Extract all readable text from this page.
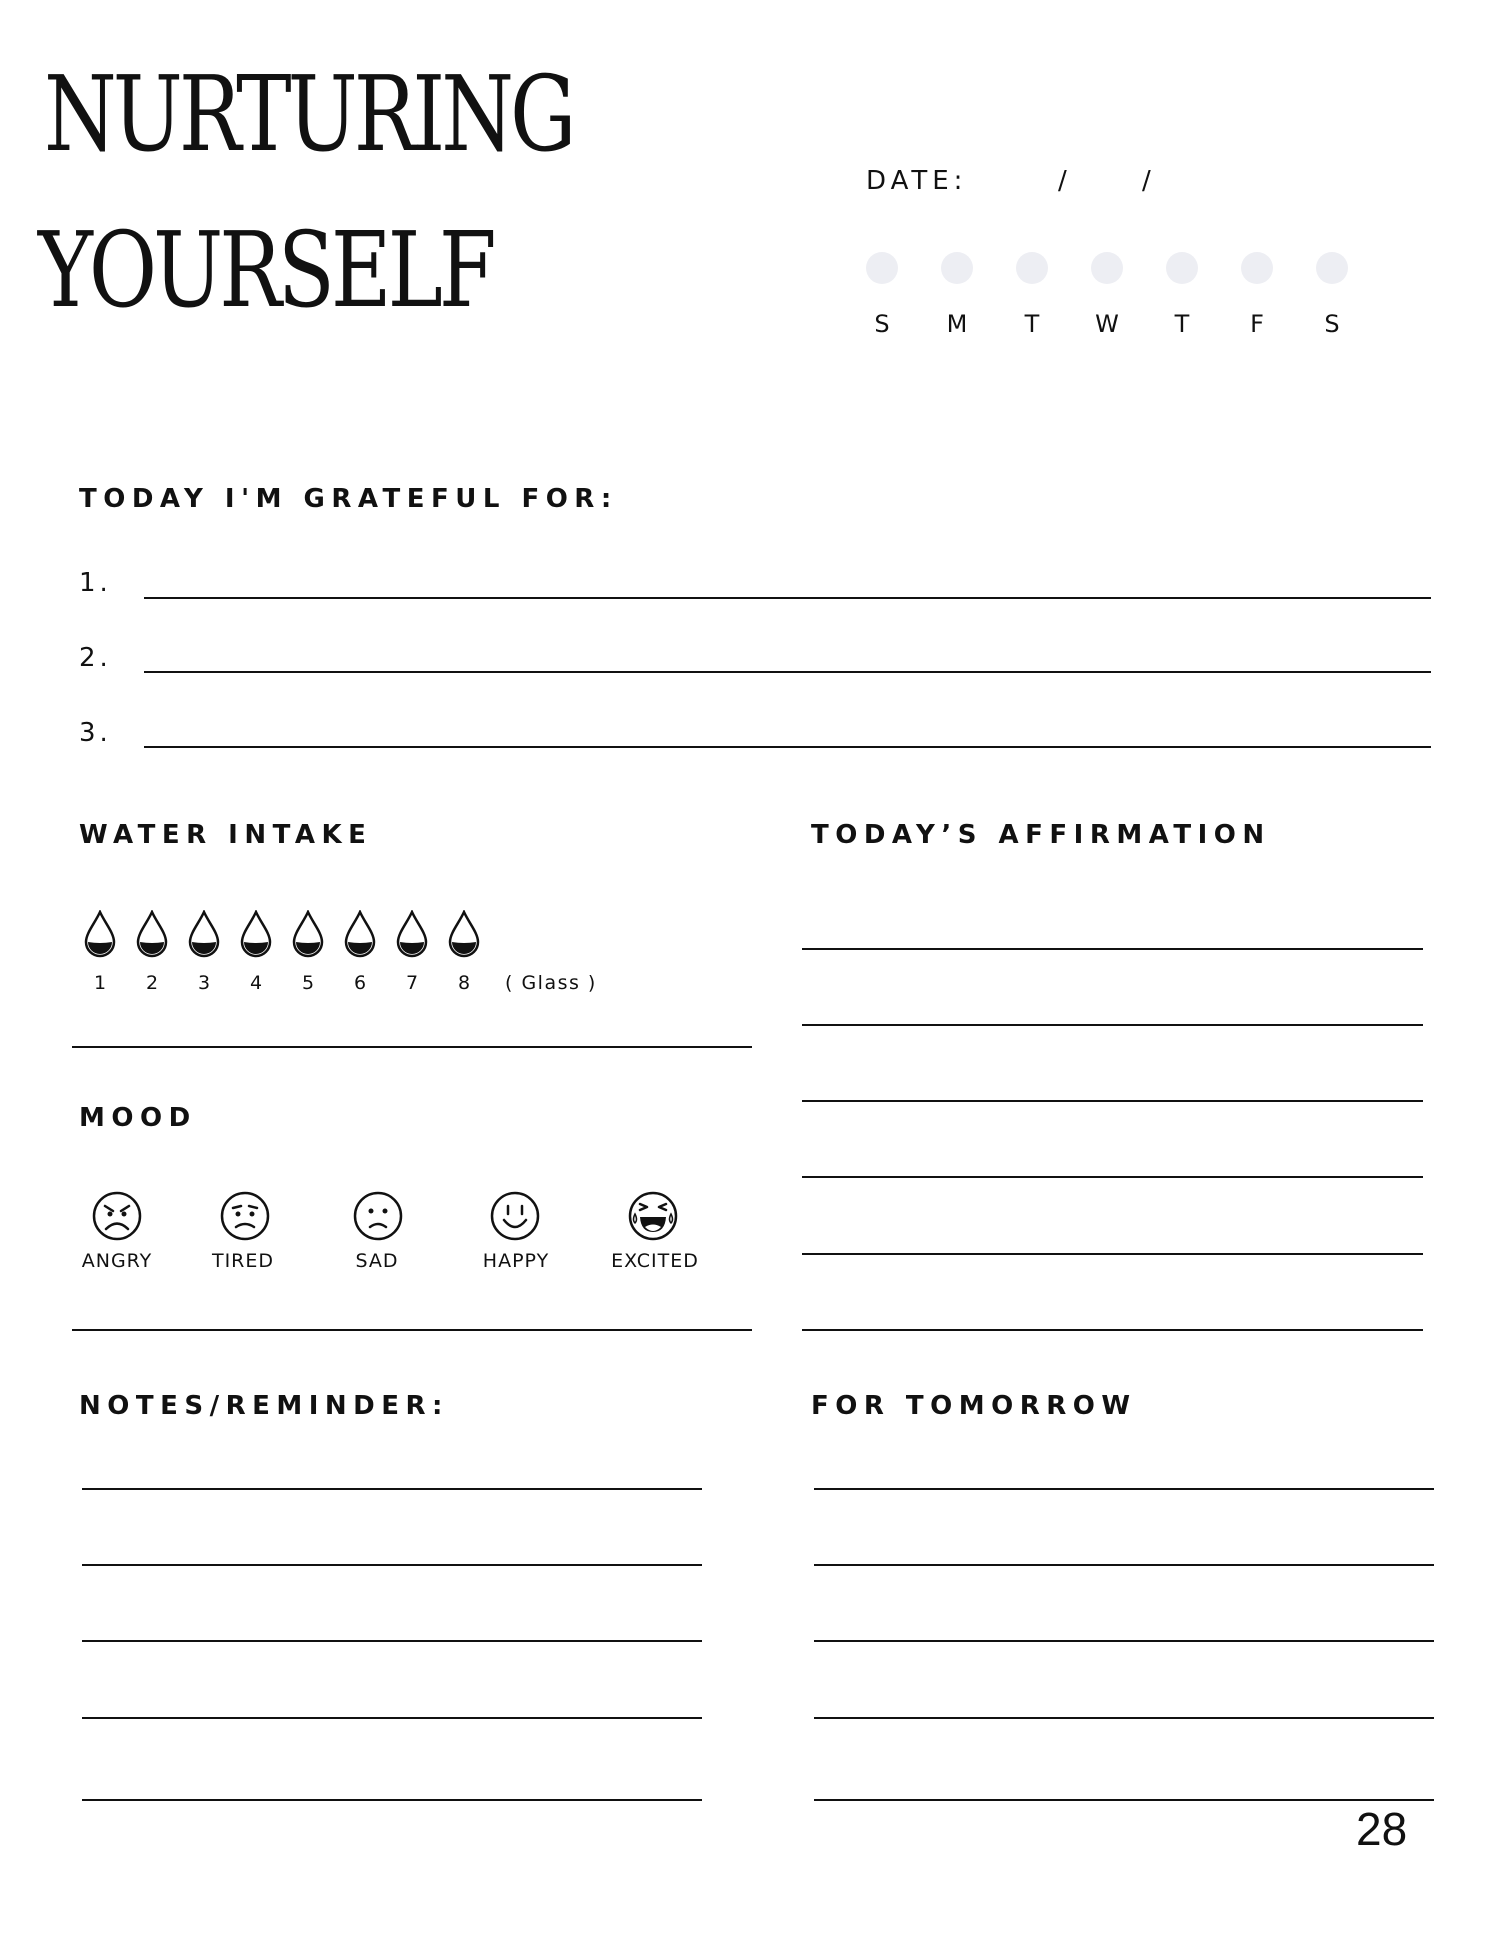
NURTURING
YOURSELF
DATE:	/	/
S	M	T	W	T	F	S
TODAY I'M GRATEFUL FOR:
1.
2.
3.
WATER INTAKE
1	2	3	4	5	6	7	8	( Glass )
MOOD
ANGRY	TIRED	SAD	HAPPY	EXCITED
TODAY’S AFFIRMATION
NOTES/REMINDER:	FOR TOMORROW
28
